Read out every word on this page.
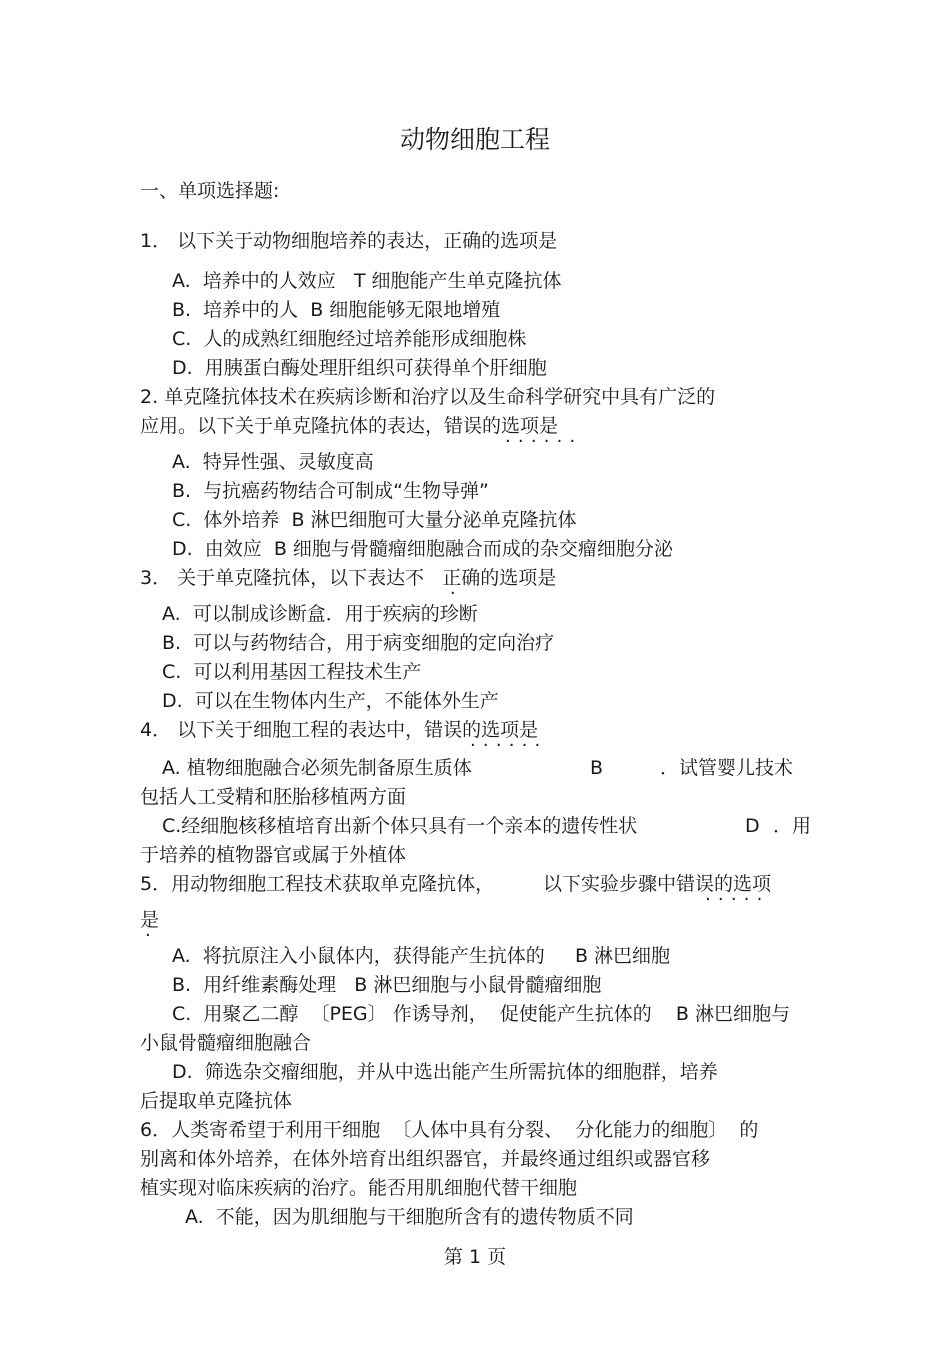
动物细胞工程
一、单项选择题:
1． 以下关于动物细胞培养的表达，正确的选项是
A.  培养中的人效应   T 细胞能产生单克隆抗体
B.  培养中的人  B 细胞能够无限地增殖
C.  人的成熟红细胞经过培养能形成细胞株
D.  用胰蛋白酶处理肝组织可获得单个肝细胞
2. 单克隆抗体技术在疾病诊断和治疗以及生命科学研究中具有广泛的
应用。以下关于单克隆抗体的表达，错误的选项是
·  ·  ·  ·  ·  ·
A.  特异性强、灵敏度高
B.  与抗癌药物结合可制成“生物导弹”
C.  体外培养  B 淋巴细胞可大量分泌单克隆抗体
D.  由效应  B 细胞与骨髓瘤细胞融合而成的杂交瘤细胞分泌
3． 关于单克隆抗体，以下表达不   正确的选项是
·
A.  可以制成诊断盒．用于疾病的珍断
B.  可以与药物结合，用于病变细胞的定向治疗
C.  可以利用基因工程技术生产
D.  可以在生物体内生产，不能体外生产
4． 以下关于细胞工程的表达中，错误的选项是
·  ·  ·  ·  ·  ·
A. 植物细胞融合必须先制备原生质体	B	．试管婴儿技术
包括人工受精和胚胎移植两方面
C.经细胞核移植培育出新个体只具有一个亲本的遗传性状	D ．用
于培养的植物器官或属于外植体
5．用动物细胞工程技术获取单克隆抗体，	以下实验步骤中错误的选项
·  ·  ·  ·  ·
是
·
A.  将抗原注入小鼠体内，获得能产生抗体的     B 淋巴细胞
B.  用纤维素酶处理   B 淋巴细胞与小鼠骨髓瘤细胞
C.  用聚乙二醇  〔PEG〕 作诱导剂，  促使能产生抗体的    B 淋巴细胞与
小鼠骨髓瘤细胞融合
D.  筛选杂交瘤细胞，并从中选出能产生所需抗体的细胞群，培养
后提取单克隆抗体
6．人类寄希望于利用干细胞  〔人体中具有分裂、  分化能力的细胞〕  的
别离和体外培养，在体外培育出组织器官，并最终通过组织或器官移
植实现对临床疾病的治疗。能否用肌细胞代替干细胞
A.  不能，因为肌细胞与干细胞所含有的遗传物质不同
第 1 页
